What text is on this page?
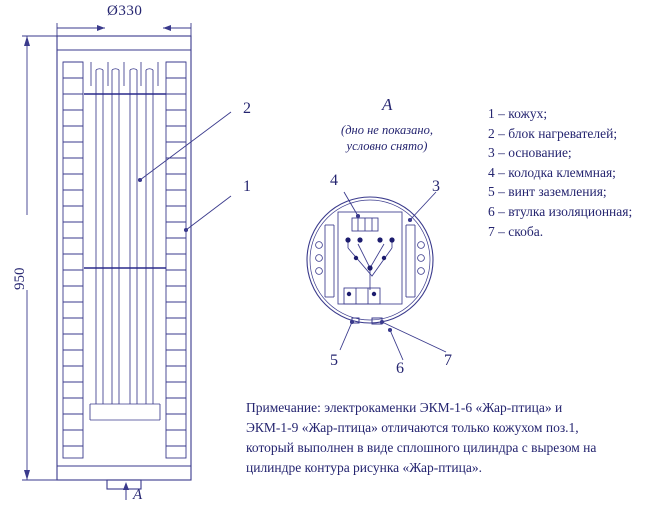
Ø330
950
A
2
1
А
(дно не показано,
условно снято)
4	3
5	6	7
1 – кожух;
2 – блок нагревателей;
3 – основание;
4 – колодка клеммная;
5 – винт заземления;
6 – втулка изоляционная;
7 – скоба.
Примечание: электрокаменки ЭКМ-1-6 «Жар-птица» и
ЭКМ-1-9 «Жар-птица» отличаются только кожухом поз.1,
который выполнен в виде сплошного цилиндра с вырезом на
цилиндре контура рисунка «Жар-птица».
